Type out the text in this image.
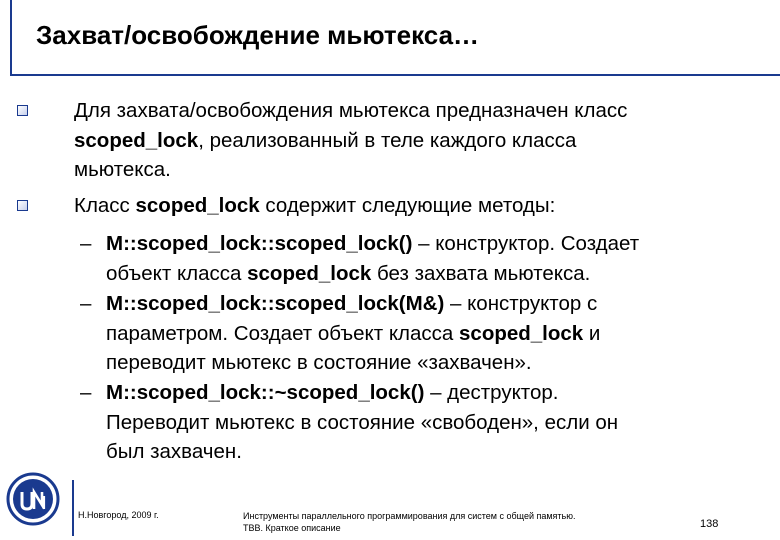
Захват/освобождение мьютекса…
Для захвата/освобождения мьютекса предназначен класс
scoped_lock, реализованный в теле каждого класса
мьютекса.
Класс scoped_lock содержит следующие методы:
– M::scoped_lock::scoped_lock() – конструктор. Создает
объект класса scoped_lock без захвата мьютекса.
– M::scoped_lock::scoped_lock(M&) – конструктор с
параметром. Создает объект класса scoped_lock и
переводит мьютекс в состояние «захвачен».
– M::scoped_lock::~scoped_lock() – деструктор.
Переводит мьютекс в состояние «свободен», если он
был захвачен.
Н.Новгород, 2009 г.	Инструменты параллельного программирования для систем с общей памятью.
TBB. Краткое описание	138
